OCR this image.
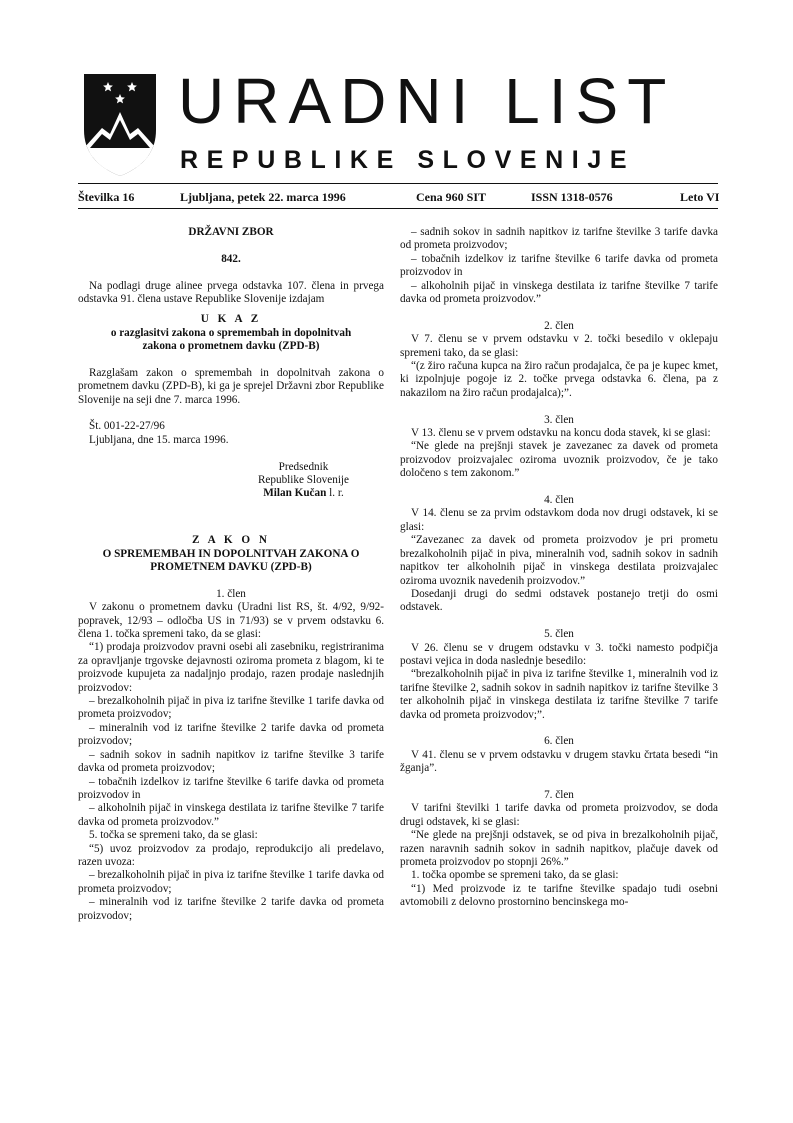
URADNI LIST
REPUBLIKE SLOVENIJE
Številka 16	Ljubljana, petek 22. marca 1996	Cena 960 SIT	ISSN 1318-0576	Leto VI

DRŽAVNI ZBOR

842.

Na podlagi druge alinee prvega odstavka 107. člena in prvega odstavka 91. člena ustave Republike Slovenije izdajam

U K A Z

o razglasitvi zakona o spremembah in dopolnitvah zakona o prometnem davku (ZPD-B)

Razglašam zakon o spremembah in dopolnitvah zakona o prometnem davku (ZPD-B), ki ga je sprejel Državni zbor Republike Slovenije na seji dne 7. marca 1996.

Št. 001-22-27/96

Ljubljana, dne 15. marca 1996.

Predsednik

Republike Slovenije

Milan Kučan l. r.

Z A K O N

O SPREMEMBAH IN DOPOLNITVAH ZAKONA O PROMETNEM DAVKU (ZPD-B)

1. člen

V zakonu o prometnem davku (Uradni list RS, št. 4/92, 9/92-popravek, 12/93 – odločba US in 71/93) se v prvem odstavku 6. člena 1. točka spremeni tako, da se glasi:

“1) prodaja proizvodov pravni osebi ali zasebniku, registriranima za opravljanje trgovske dejavnosti oziroma prometa z blagom, ki te proizvode kupujeta za nadaljnjo prodajo, razen prodaje naslednjih proizvodov:

– brezalkoholnih pijač in piva iz tarifne številke 1 tarife davka od prometa proizvodov;

– mineralnih vod iz tarifne številke 2 tarife davka od prometa proizvodov;

– sadnih sokov in sadnih napitkov iz tarifne številke 3 tarife davka od prometa proizvodov;

– tobačnih izdelkov iz tarifne številke 6 tarife davka od prometa proizvodov in

– alkoholnih pijač in vinskega destilata iz tarifne številke 7 tarife davka od prometa proizvodov.”

5. točka se spremeni tako, da se glasi:

“5) uvoz proizvodov za prodajo, reprodukcijo ali predelavo, razen uvoza:

– brezalkoholnih pijač in piva iz tarifne številke 1 tarife davka od prometa proizvodov;

– mineralnih vod iz tarifne številke 2 tarife davka od prometa proizvodov;

– sadnih sokov in sadnih napitkov iz tarifne številke 3 tarife davka od prometa proizvodov;

– tobačnih izdelkov iz tarifne številke 6 tarife davka od prometa proizvodov in

– alkoholnih pijač in vinskega destilata iz tarifne številke 7 tarife davka od prometa proizvodov.”

2. člen

V 7. členu se v prvem odstavku v 2. točki besedilo v oklepaju spremeni tako, da se glasi:

“(z žiro računa kupca na žiro račun prodajalca, če pa je kupec kmet, ki izpolnjuje pogoje iz 2. točke prvega odstavka 6. člena, pa z nakazilom na žiro račun prodajalca);”.

3. člen

V 13. členu se v prvem odstavku na koncu doda stavek, ki se glasi:

“Ne glede na prejšnji stavek je zavezanec za davek od prometa proizvodov proizvajalec oziroma uvoznik proizvodov, če je tako določeno s tem zakonom.”

4. člen

V 14. členu se za prvim odstavkom doda nov drugi odstavek, ki se glasi:

“Zavezanec za davek od prometa proizvodov je pri prometu brezalkoholnih pijač in piva, mineralnih vod, sadnih sokov in sadnih napitkov ter alkoholnih pijač in vinskega destilata proizvajalec oziroma uvoznik navedenih proizvodov.”

Dosedanji drugi do sedmi odstavek postanejo tretji do osmi odstavek.

5. člen

V 26. členu se v drugem odstavku v 3. točki namesto podpičja postavi vejica in doda naslednje besedilo:

“brezalkoholnih pijač in piva iz tarifne številke 1, mineralnih vod iz tarifne številke 2, sadnih sokov in sadnih napitkov iz tarifne številke 3 ter alkoholnih pijač in vinskega destilata iz tarifne številke 7 tarife davka od prometa proizvodov;”.

6. člen

V 41. členu se v prvem odstavku v drugem stavku črtata besedi “in žganja”.

7. člen

V tarifni številki 1 tarife davka od prometa proizvodov, se doda drugi odstavek, ki se glasi:

“Ne glede na prejšnji odstavek, se od piva in brezalkoholnih pijač, razen naravnih sadnih sokov in sadnih napitkov, plačuje davek od prometa proizvodov po stopnji 26%.”

1. točka opombe se spremeni tako, da se glasi:

“1) Med proizvode iz te tarifne številke spadajo tudi osebni avtomobili z delovno prostornino bencinskega mo-
